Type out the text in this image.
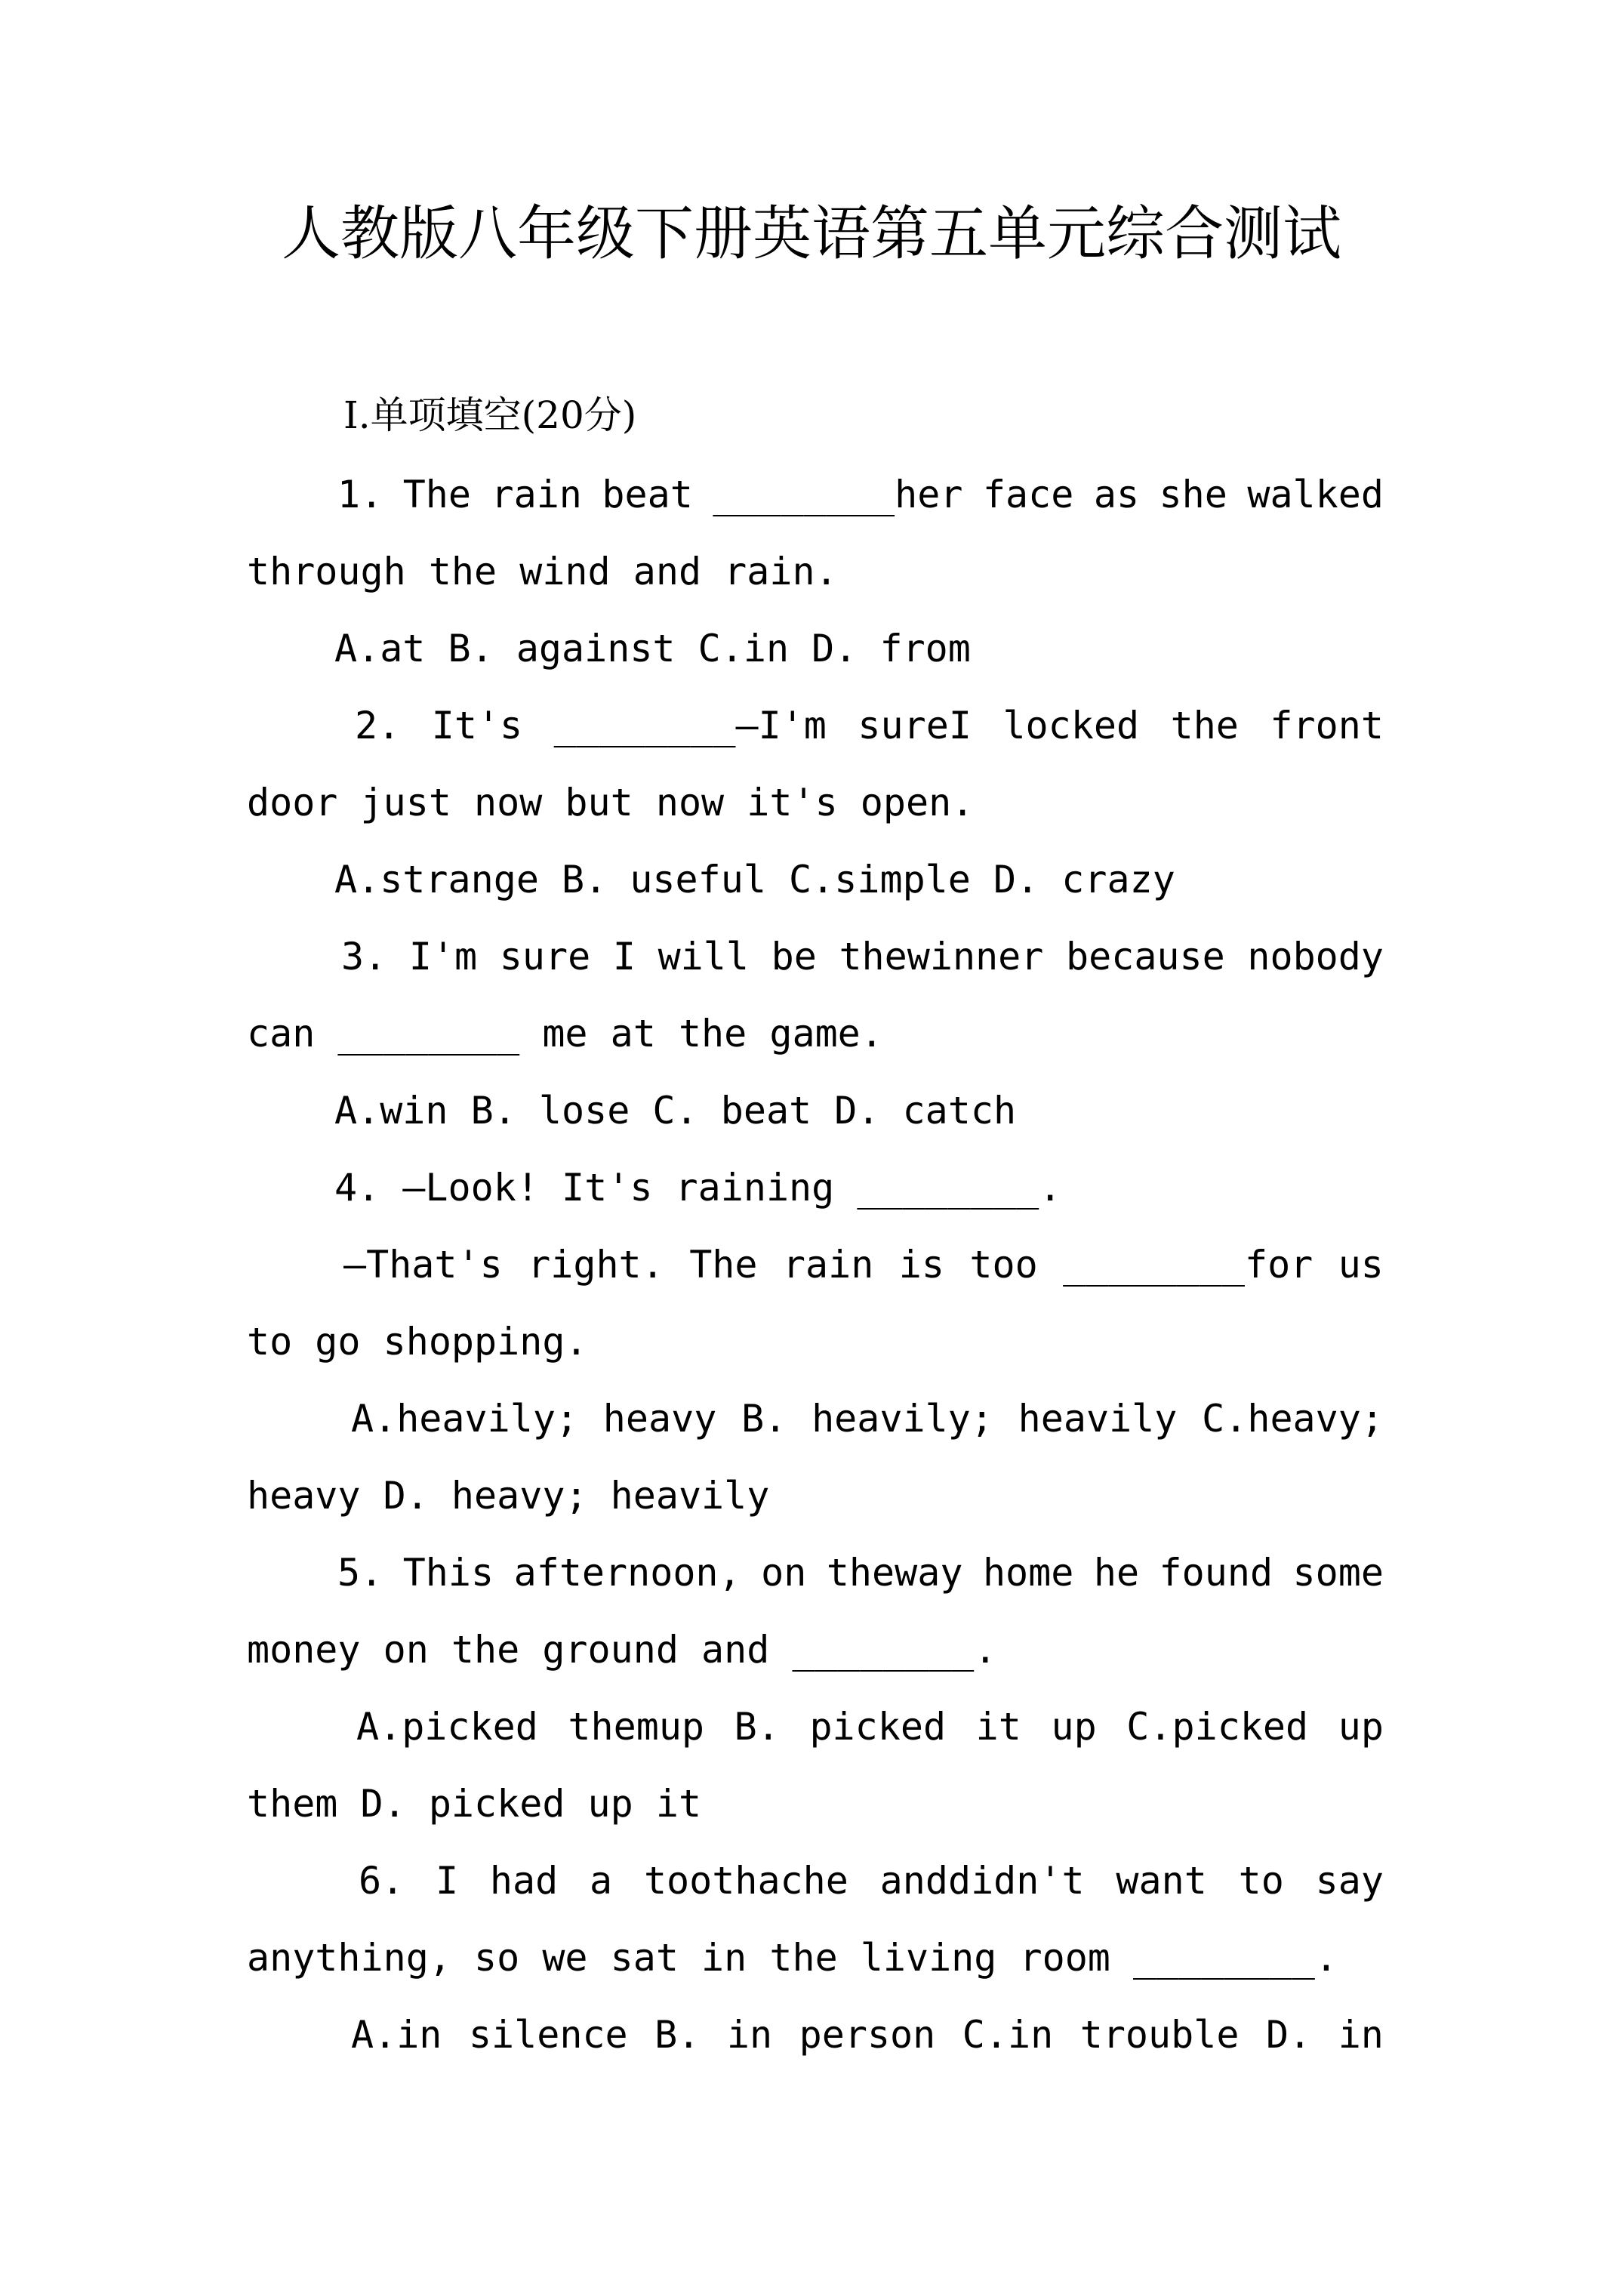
人教版八年级下册英语第五单元综合测试
Ⅰ.单项填空(20分)
1. The rain beat ________her face as she walked
through the wind and rain.
A.at B. against C.in D. from
2. It's ________—I'm sureI locked the front
door just now but now it's open.
A.strange B. useful C.simple D. crazy
3. I'm sure I will be thewinner because nobody
can ________ me at the game.
A.win B. lose C. beat D. catch
4. —Look! It's raining ________.
—That's right. The rain is too ________for us
to go shopping.
A.heavily; heavy B. heavily; heavily C.heavy;
heavy D. heavy; heavily
5. This afternoon, on theway home he found some
money on the ground and ________.
A.picked themup B. picked it up C.picked up
them D. picked up it
6. I had a toothache anddidn't want to say
anything, so we sat in the living room ________.
A.in silence B. in person C.in trouble D. in
